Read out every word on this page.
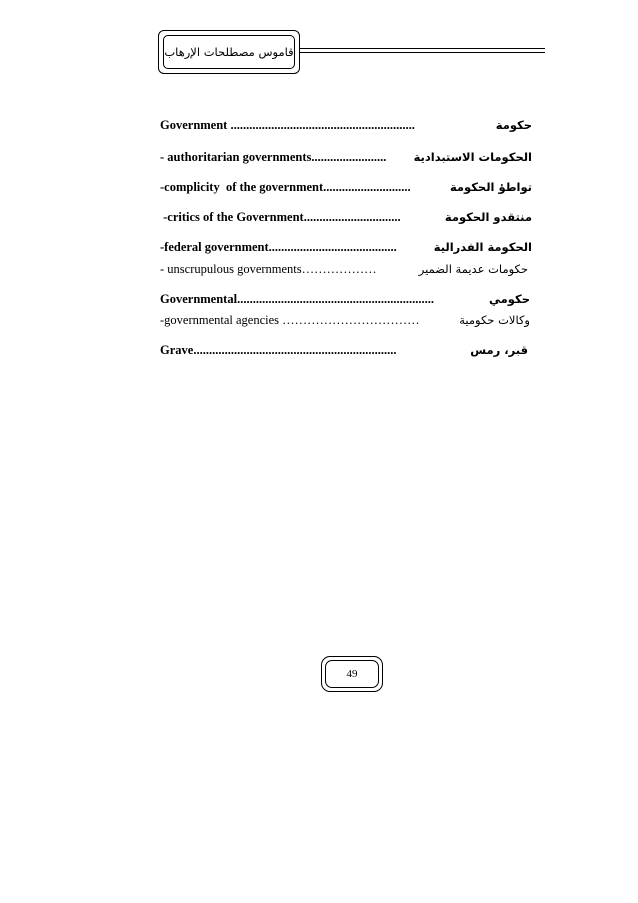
قاموس مصطلحات الإرهاب
Government ...........................................................	حكومة
- authoritarian governments ........................ الحكومات الاستبدادية
-complicity  of the government ............................	تواطؤ الحكومة
-critics of the Government ...............................	منتقدو الحكومة
-federal government .........................................	الحكومة الفدرالية
- unscrupulous governments ………………	حكومات عديمة الضمير
Governmental ...............................................................	حكومي
-governmental agencies ……………………………	وكالات حكومية
Grave .................................................................	قبر، رمس
49
